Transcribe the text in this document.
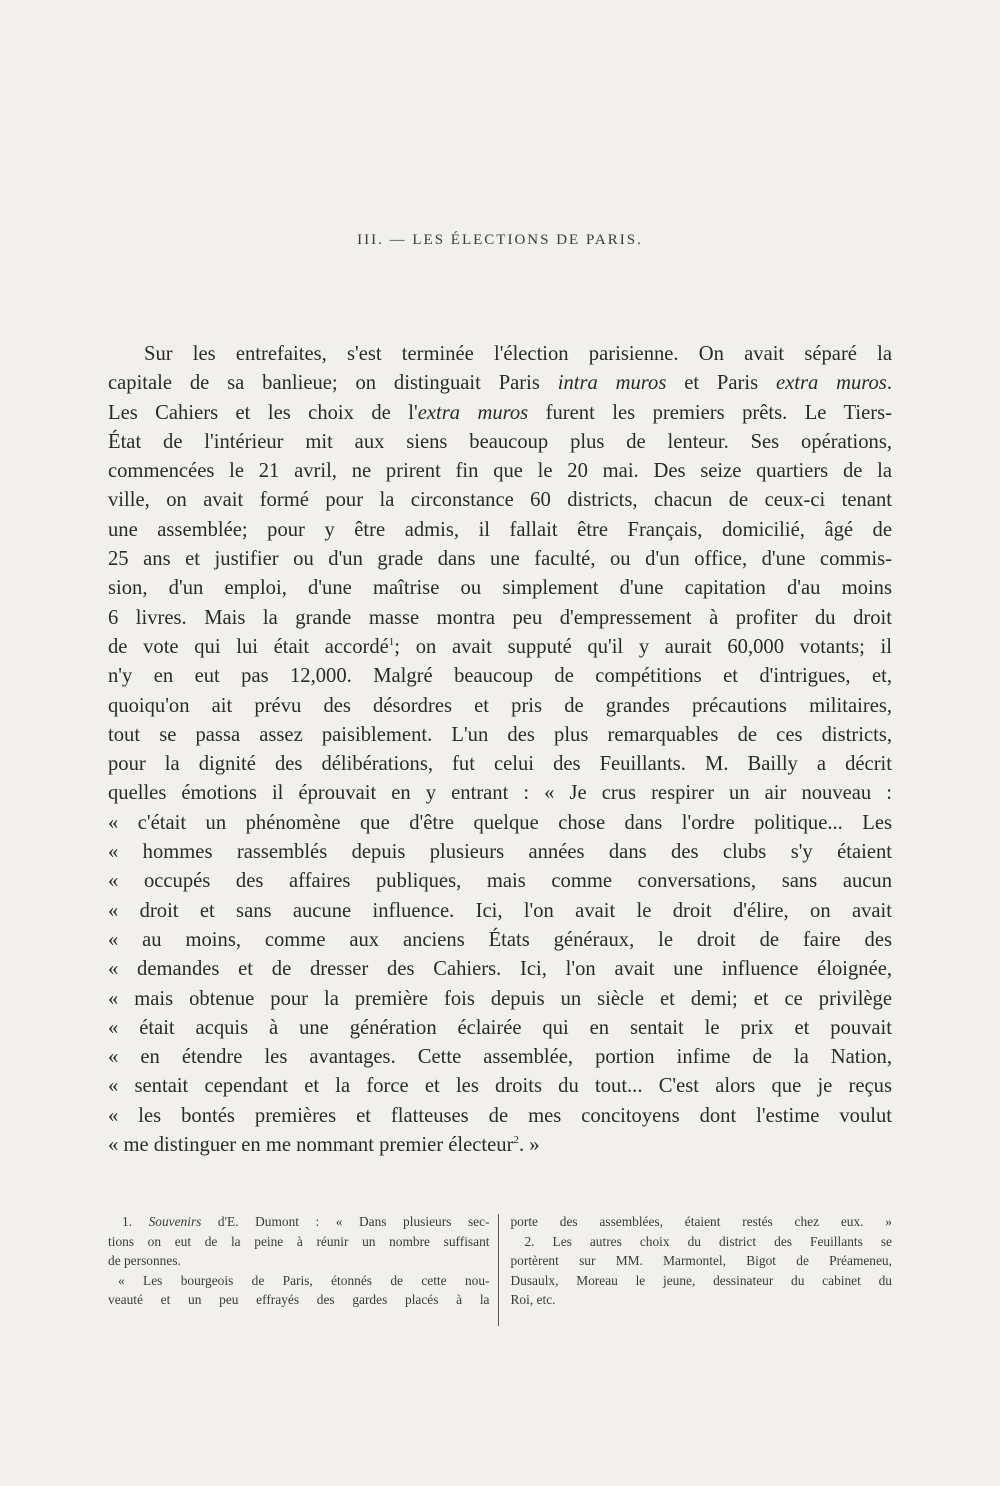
III. — LES ÉLECTIONS DE PARIS.
Sur les entrefaites, s'est terminée l'élection parisienne. On avait séparé la
capitale de sa banlieue; on distinguait Paris intra muros et Paris extra muros.
Les Cahiers et les choix de l'extra muros furent les premiers prêts. Le Tiers-
État de l'intérieur mit aux siens beaucoup plus de lenteur. Ses opérations,
commencées le 21 avril, ne prirent fin que le 20 mai. Des seize quartiers de la
ville, on avait formé pour la circonstance 60 districts, chacun de ceux-ci tenant
une assemblée; pour y être admis, il fallait être Français, domicilié, âgé de
25 ans et justifier ou d'un grade dans une faculté, ou d'un office, d'une commis-
sion, d'un emploi, d'une maîtrise ou simplement d'une capitation d'au moins
6 livres. Mais la grande masse montra peu d'empressement à profiter du droit
de vote qui lui était accordé$^1$; on avait supputé qu'il y aurait 60,000 votants; il
n'y en eut pas 12,000. Malgré beaucoup de compétitions et d'intrigues, et,
quoiqu'on ait prévu des désordres et pris de grandes précautions militaires,
tout se passa assez paisiblement. L'un des plus remarquables de ces districts,
pour la dignité des délibérations, fut celui des Feuillants. M. Bailly a décrit
quelles émotions il éprouvait en y entrant : « Je crus respirer un air nouveau :
« c'était un phénomène que d'être quelque chose dans l'ordre politique... Les
« hommes rassemblés depuis plusieurs années dans des clubs s'y étaient
« occupés des affaires publiques, mais comme conversations, sans aucun
« droit et sans aucune influence. Ici, l'on avait le droit d'élire, on avait
« au moins, comme aux anciens États généraux, le droit de faire des
« demandes et de dresser des Cahiers. Ici, l'on avait une influence éloignée,
« mais obtenue pour la première fois depuis un siècle et demi; et ce privilège
« était acquis à une génération éclairée qui en sentait le prix et pouvait
« en étendre les avantages. Cette assemblée, portion infime de la Nation,
« sentait cependant et la force et les droits du tout... C'est alors que je reçus
« les bontés premières et flatteuses de mes concitoyens dont l'estime voulut
« me distinguer en me nommant premier électeur$^2$. »
1. Souvenirs d'E. Dumont : « Dans plusieurs sec-
tions on eut de la peine à réunir un nombre suffisant
de personnes.
« Les bourgeois de Paris, étonnés de cette nou-
veauté et un peu effrayés des gardes placés à la
porte des assemblées, étaient restés chez eux. »
2. Les autres choix du district des Feuillants se
portèrent sur MM. Marmontel, Bigot de Préameneu,
Dusaulx, Moreau le jeune, dessinateur du cabinet du
Roi, etc.
